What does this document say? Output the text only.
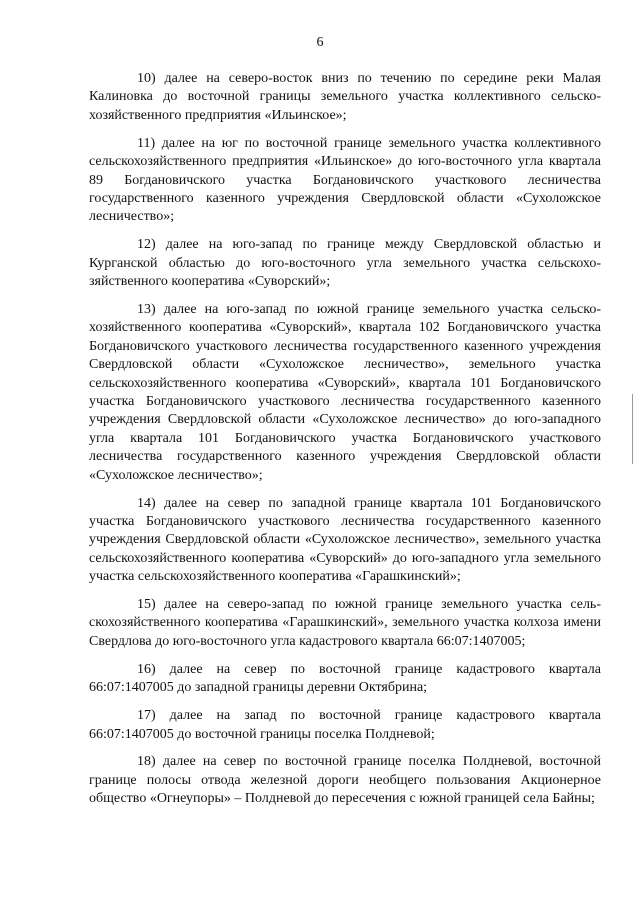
6

10) далее на северо-восток вниз по течению по середине реки Малая Калиновка до восточной границы земельного участка коллективного сельскохозяйственного предприятия «Ильинское»;

11) далее на юг по восточной границе земельного участка коллективного сельскохозяйственного предприятия «Ильинское» до юго-восточного угла квартала 89 Богдановичского участка Богдановичского участкового лесничества государственного казенного учреждения Свердловской области «Сухоложское лесничество»;

12) далее на юго-запад по границе между Свердловской областью и Курганской областью до юго-восточного угла земельного участка сельскохозяйственного кооператива «Суворский»;

13) далее на юго-запад по южной границе земельного участка сельскохозяйственного кооператива «Суворский», квартала 102 Богдановичского участка Богдановичского участкового лесничества государственного казенного учреждения Свердловской области «Сухоложское лесничество», земельного участка сельскохозяйственного кооператива «Суворский», квартала 101 Богдановичского участка Богдановичского участкового лесничества государственного казенного учреждения Свердловской области «Сухоложское лесничество» до юго-западного угла квартала 101 Богдановичского участка Богдановичского участкового лесничества государственного казенного учреждения Свердловской области «Сухоложское лесничество»;

14) далее на север по западной границе квартала 101 Богдановичского участка Богдановичского участкового лесничества государственного казенного учреждения Свердловской области «Сухоложское лесничество», земельного участка сельскохозяйственного кооператива «Суворский» до юго-западного угла земельного участка сельскохозяйственного кооператива «Гарашкинский»;

15) далее на северо-запад по южной границе земельного участка сельскохозяйственного кооператива «Гарашкинский», земельного участка колхоза имени Свердлова до юго-восточного угла кадастрового квартала 66:07:1407005;

16) далее на север по восточной границе кадастрового квартала 66:07:1407005 до западной границы деревни Октябрина;

17) далее на запад по восточной границе кадастрового квартала 66:07:1407005 до восточной границы поселка Полдневой;

18) далее на север по восточной границе поселка Полдневой, восточной границе полосы отвода железной дороги необщего пользования Акционерное общество «Огнеупоры» – Полдневой до пересечения с южной границей села Байны;
